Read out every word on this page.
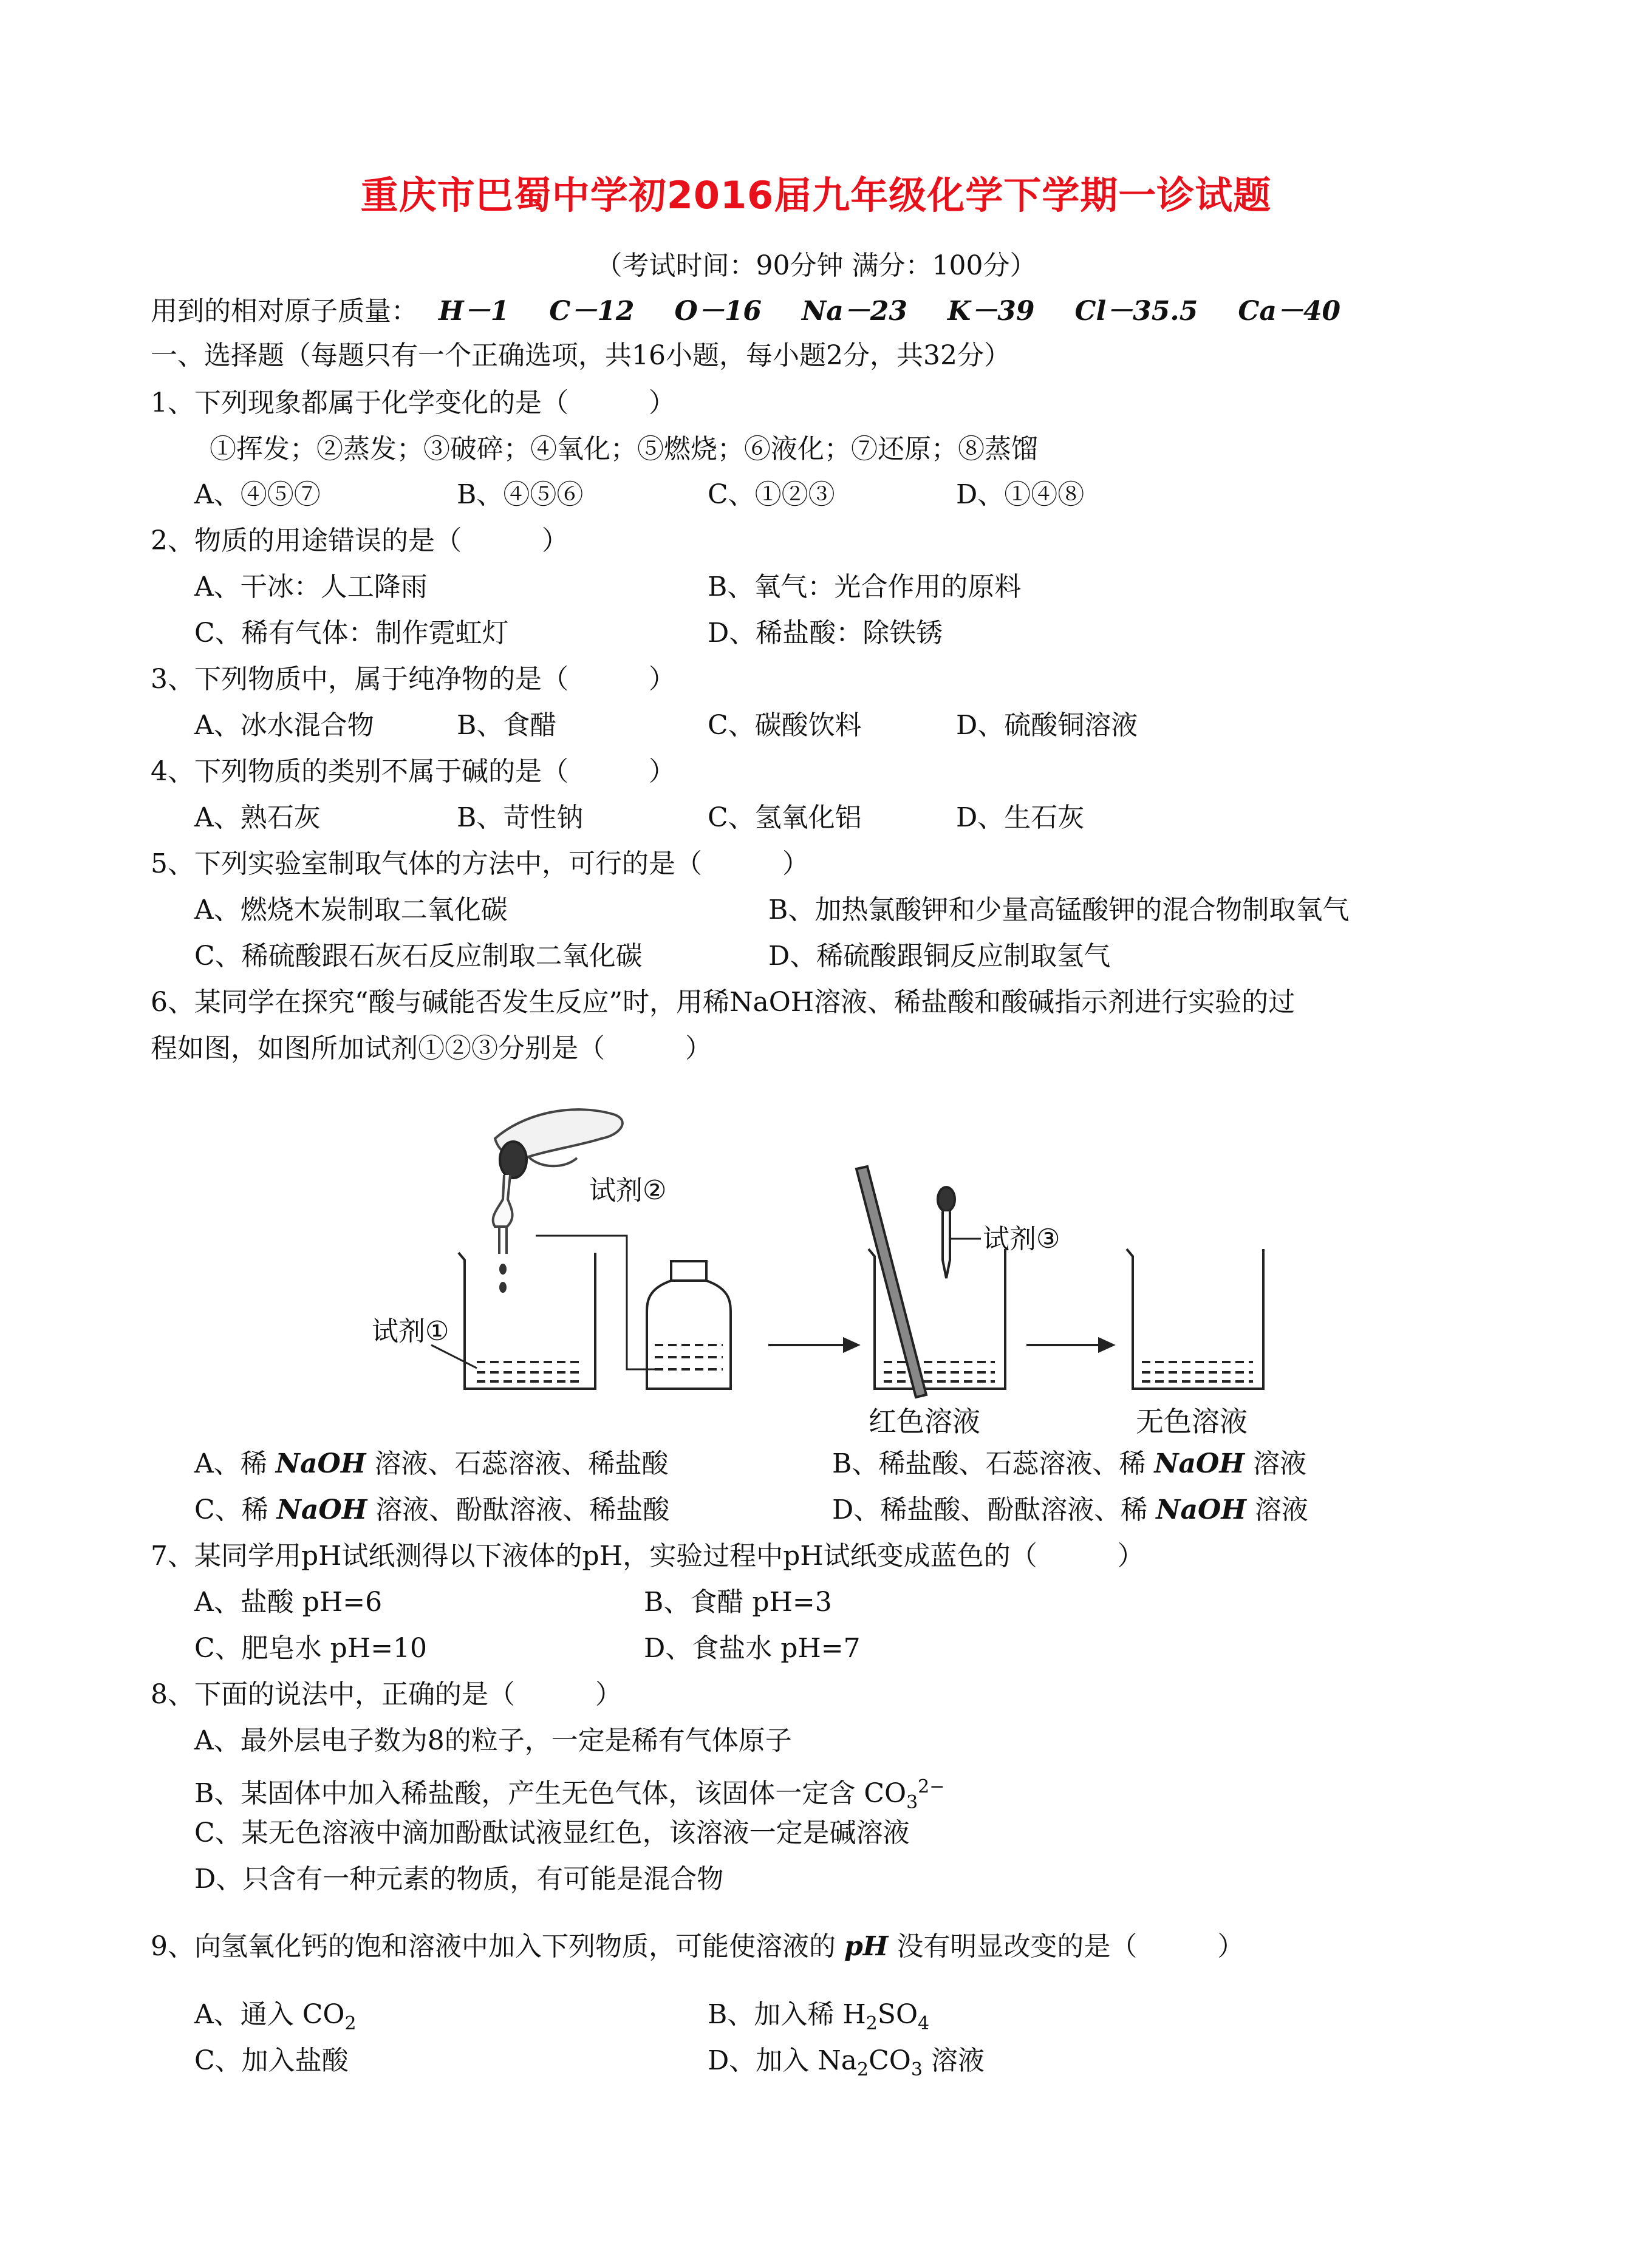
重庆市巴蜀中学初2016届九年级化学下学期一诊试题
（考试时间：90分钟 满分：100分）
用到的相对原子质量： H－1 C－12 O－16 Na－23 K－39 Cl－35.5 Ca－40
一、选择题（每题只有一个正确选项，共16小题，每小题2分，共32分）
1、下列现象都属于化学变化的是（　　　）
①挥发；②蒸发；③破碎；④氧化；⑤燃烧；⑥液化；⑦还原；⑧蒸馏
A、④⑤⑦	B、④⑤⑥	C、①②③	D、①④⑧
2、物质的用途错误的是（　　　）
A、干冰：人工降雨	B、氧气：光合作用的原料
C、稀有气体：制作霓虹灯	D、稀盐酸：除铁锈
3、下列物质中，属于纯净物的是（　　　）
A、冰水混合物	B、食醋	C、碳酸饮料	D、硫酸铜溶液
4、下列物质的类别不属于碱的是（　　　）
A、熟石灰	B、苛性钠	C、氢氧化铝	D、生石灰
5、下列实验室制取气体的方法中，可行的是（　　　）
A、燃烧木炭制取二氧化碳	B、加热氯酸钾和少量高锰酸钾的混合物制取氧气
C、稀硫酸跟石灰石反应制取二氧化碳	D、稀硫酸跟铜反应制取氢气
6、某同学在探究“酸与碱能否发生反应”时，用稀NaOH溶液、稀盐酸和酸碱指示剂进行实验的过
程如图，如图所加试剂①②③分别是（　　　）
试剂①
试剂②
试剂③
红色溶液	无色溶液
A、稀 NaOH 溶液、石蕊溶液、稀盐酸	B、稀盐酸、石蕊溶液、稀 NaOH 溶液
C、稀 NaOH 溶液、酚酞溶液、稀盐酸	D、稀盐酸、酚酞溶液、稀 NaOH 溶液
7、某同学用pH试纸测得以下液体的pH，实验过程中pH试纸变成蓝色的（　　　）
A、盐酸 pH=6	B、食醋 pH=3
C、肥皂水 pH=10	D、食盐水 pH=7
8、下面的说法中，正确的是（　　　）
A、最外层电子数为8的粒子，一定是稀有气体原子
B、某固体中加入稀盐酸，产生无色气体，该固体一定含 $CO_3^{2-}$
C、某无色溶液中滴加酚酞试液显红色，该溶液一定是碱溶液
D、只含有一种元素的物质，有可能是混合物
9、向氢氧化钙的饱和溶液中加入下列物质，可能使溶液的 pH 没有明显改变的是（　　　）
A、通入 $CO_2$	B、加入稀 $H_2SO_4$
C、加入盐酸	D、加入 $Na_2CO_3$ 溶液
